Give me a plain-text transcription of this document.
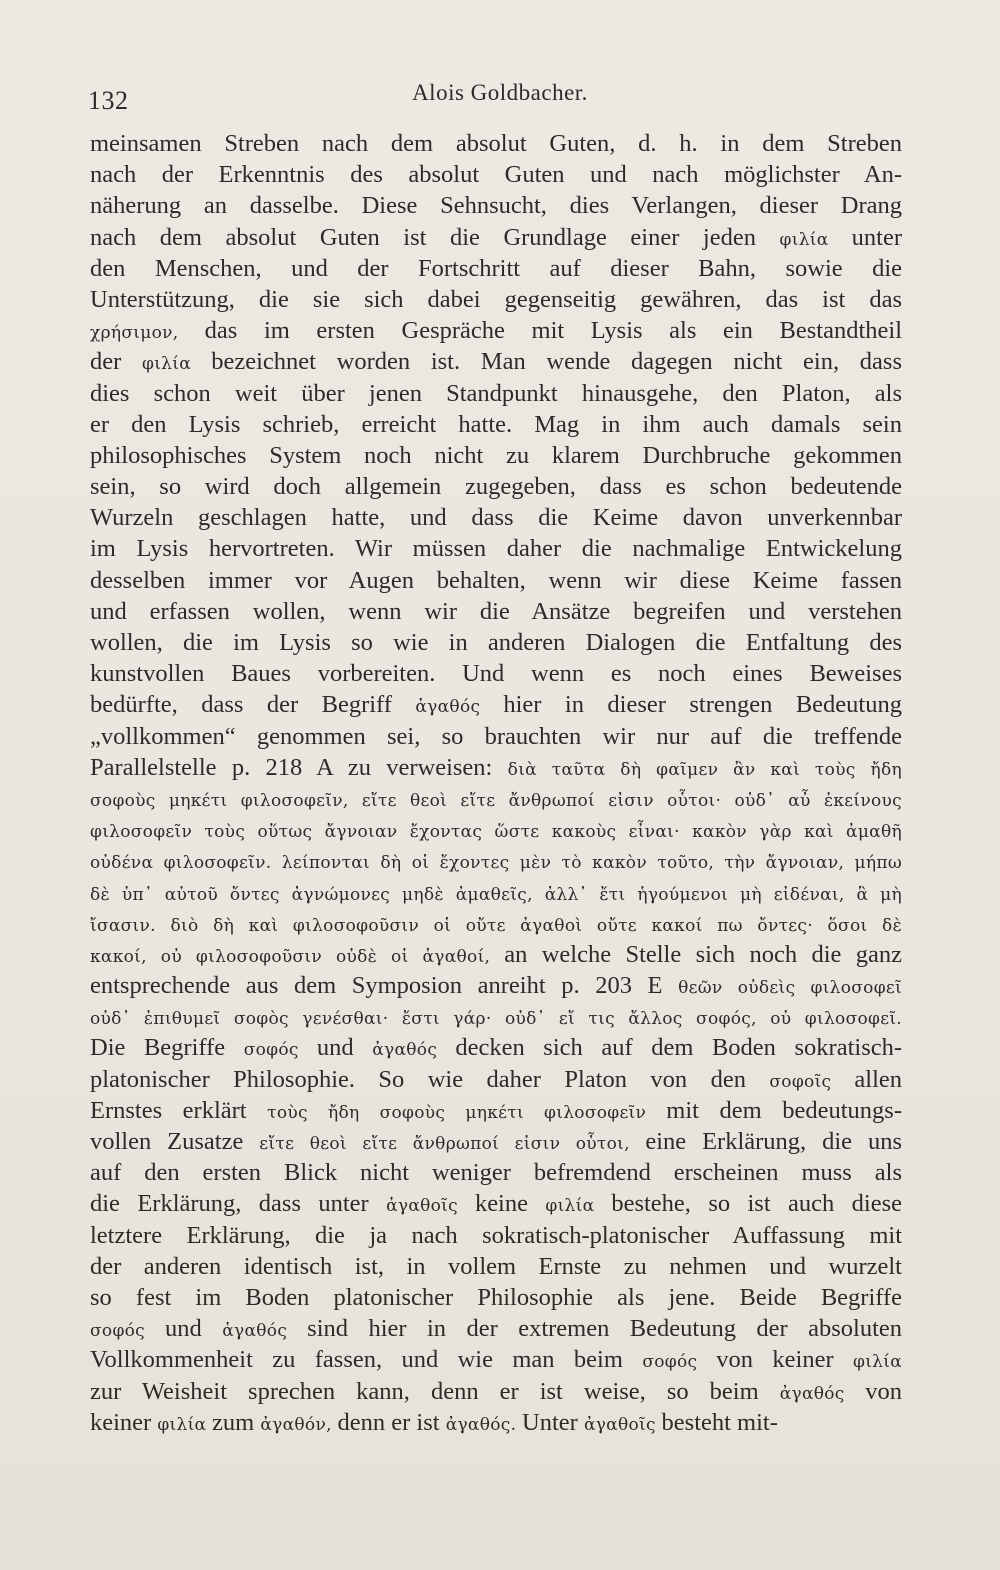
132	Alois Goldbacher.
meinsamen Streben nach dem absolut Guten, d. h. in dem Streben
nach der Erkenntnis des absolut Guten und nach möglichster An-
näherung an dasselbe. Diese Sehnsucht, dies Verlangen, dieser Drang
nach dem absolut Guten ist die Grundlage einer jeden φιλία unter
den Menschen, und der Fortschritt auf dieser Bahn, sowie die
Unterstützung, die sie sich dabei gegenseitig gewähren, das ist das
χρήσιμον, das im ersten Gespräche mit Lysis als ein Bestandtheil
der φιλία bezeichnet worden ist. Man wende dagegen nicht ein, dass
dies schon weit über jenen Standpunkt hinausgehe, den Platon, als
er den Lysis schrieb, erreicht hatte. Mag in ihm auch damals sein
philosophisches System noch nicht zu klarem Durchbruche gekommen
sein, so wird doch allgemein zugegeben, dass es schon bedeutende
Wurzeln geschlagen hatte, und dass die Keime davon unverkennbar
im Lysis hervortreten. Wir müssen daher die nachmalige Entwickelung
desselben immer vor Augen behalten, wenn wir diese Keime fassen
und erfassen wollen, wenn wir die Ansätze begreifen und verstehen
wollen, die im Lysis so wie in anderen Dialogen die Entfaltung des
kunstvollen Baues vorbereiten. Und wenn es noch eines Beweises
bedürfte, dass der Begriff ἀγαθός hier in dieser strengen Bedeutung
„vollkommen“ genommen sei, so brauchten wir nur auf die treffende
Parallelstelle p. 218 A zu verweisen: διὰ ταῦτα δὴ φαῖμεν ἂν καὶ τοὺς ἤδη
σοφοὺς μηκέτι φιλοσοφεῖν, εἴτε θεοὶ εἴτε ἄνθρωποί εἰσιν οὗτοι· οὐδ᾽ αὖ ἐκείνους
φιλοσοφεῖν τοὺς οὕτως ἄγνοιαν ἔχοντας ὥστε κακοὺς εἶναι· κακὸν γὰρ καὶ ἀμαθῆ
οὐδένα φιλοσοφεῖν. λείπονται δὴ οἱ ἔχοντες μὲν τὸ κακὸν τοῦτο, τὴν ἄγνοιαν, μήπω
δὲ ὑπ᾽ αὐτοῦ ὄντες ἀγνώμονες μηδὲ ἀμαθεῖς, ἀλλ᾽ ἔτι ἡγούμενοι μὴ εἰδέναι, ἃ μὴ
ἴσασιν. διὸ δὴ καὶ φιλοσοφοῦσιν οἱ οὔτε ἀγαθοὶ οὔτε κακοί πω ὄντες· ὅσοι δὲ
κακοί, οὐ φιλοσοφοῦσιν οὐδὲ οἱ ἀγαθοί, an welche Stelle sich noch die ganz
entsprechende aus dem Symposion anreiht p. 203 E θεῶν οὐδεὶς φιλοσοφεῖ
οὐδ᾽ ἐπιθυμεῖ σοφὸς γενέσθαι· ἔστι γάρ· οὐδ᾽ εἴ τις ἄλλος σοφός, οὐ φιλοσοφεῖ.
Die Begriffe σοφός und ἀγαθός decken sich auf dem Boden sokratisch-
platonischer Philosophie. So wie daher Platon von den σοφοῖς allen
Ernstes erklärt τοὺς ἤδη σοφοὺς μηκέτι φιλοσοφεῖν mit dem bedeutungs-
vollen Zusatze εἴτε θεοὶ εἴτε ἄνθρωποί εἰσιν οὗτοι, eine Erklärung, die uns
auf den ersten Blick nicht weniger befremdend erscheinen muss als
die Erklärung, dass unter ἀγαθοῖς keine φιλία bestehe, so ist auch diese
letztere Erklärung, die ja nach sokratisch-platonischer Auffassung mit
der anderen identisch ist, in vollem Ernste zu nehmen und wurzelt
so fest im Boden platonischer Philosophie als jene. Beide Begriffe
σοφός und ἀγαθός sind hier in der extremen Bedeutung der absoluten
Vollkommenheit zu fassen, und wie man beim σοφός von keiner φιλία
zur Weisheit sprechen kann, denn er ist weise, so beim ἀγαθός von
keiner φιλία zum ἀγαθόν, denn er ist ἀγαθός. Unter ἀγαθοῖς besteht mit-
